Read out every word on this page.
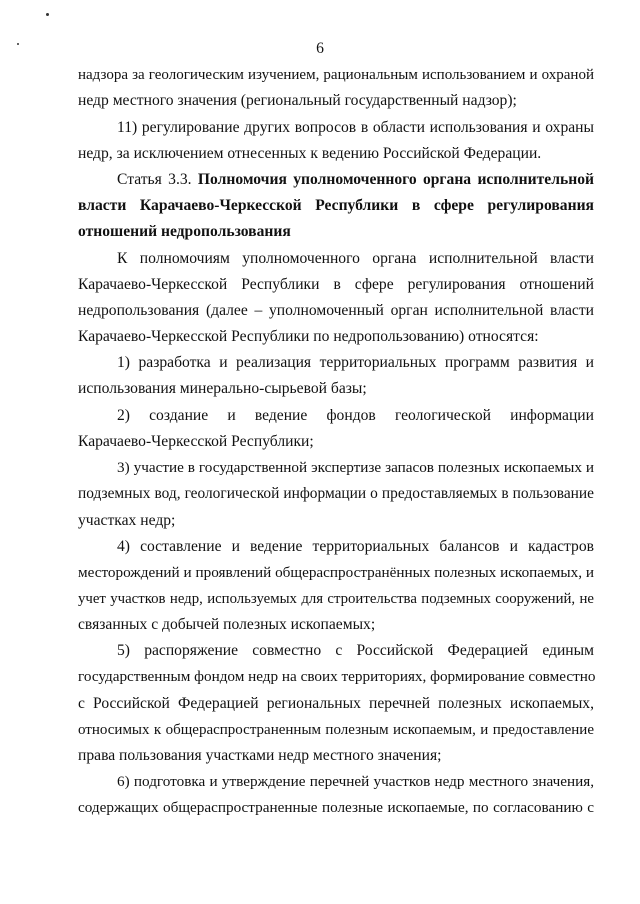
6
надзора за геологическим изучением, рациональным использованием и охраной
недр местного значения (региональный государственный надзор);
11) регулирование других вопросов в области использования и охраны
недр, за исключением отнесенных к ведению Российской Федерации.
Статья 3.3. Полномочия уполномоченного органа исполнительной
власти Карачаево-Черкесской Республики в сфере регулирования
отношений недропользования
К полномочиям уполномоченного органа исполнительной власти
Карачаево-Черкесской Республики в сфере регулирования отношений
недропользования (далее – уполномоченный орган исполнительной власти
Карачаево-Черкесской Республики по недропользованию) относятся:
1) разработка и реализация территориальных программ развития и
использования минерально-сырьевой базы;
2) создание и ведение фондов геологической информации
Карачаево-Черкесской Республики;
3) участие в государственной экспертизе запасов полезных ископаемых и
подземных вод, геологической информации о предоставляемых в пользование
участках недр;
4) составление и ведение территориальных балансов и кадастров
месторождений и проявлений общераспространённых полезных ископаемых, и
учет участков недр, используемых для строительства подземных сооружений, не
связанных с добычей полезных ископаемых;
5) распоряжение совместно с Российской Федерацией единым
государственным фондом недр на своих территориях, формирование совместно
с Российской Федерацией региональных перечней полезных ископаемых,
относимых к общераспространенным полезным ископаемым, и предоставление
права пользования участками недр местного значения;
6) подготовка и утверждение перечней участков недр местного значения,
содержащих общераспространенные полезные ископаемые, по согласованию с
